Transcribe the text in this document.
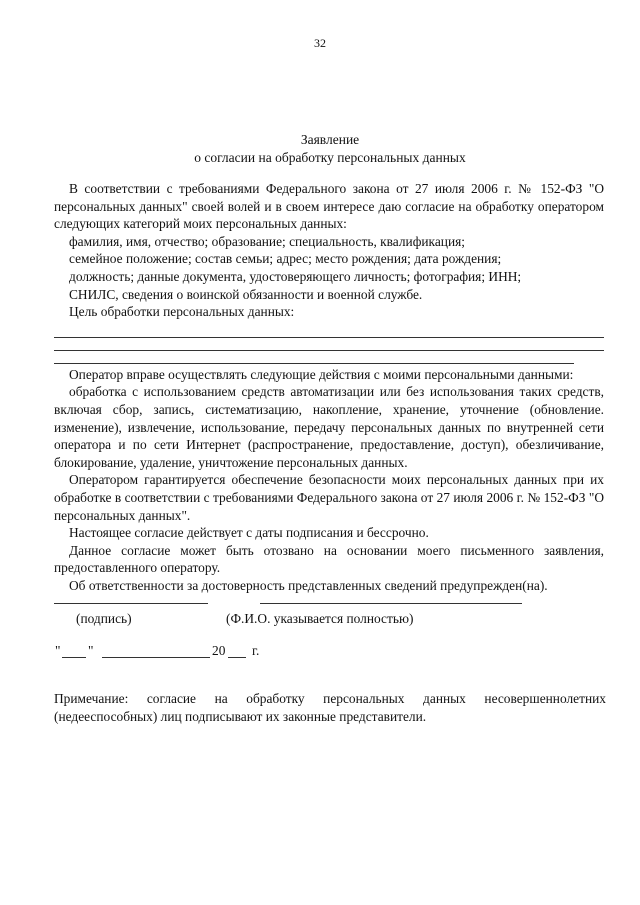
32
Заявление
о согласии на обработку персональных данных

В соответствии с требованиями Федерального закона от 27 июля 2006 г. № 152-ФЗ "О персональных данных" своей волей и в своем интересе даю согласие на обработку оператором следующих категорий моих персональных данных:

фамилия, имя, отчество; образование; специальность, квалификация;

семейное положение; состав семьи; адрес; место рождения; дата рождения;

должность; данные документа, удостоверяющего личность; фотография; ИНН;

СНИЛС, сведения о воинской обязанности и военной службе.

Цель обработки персональных данных:

Оператор вправе осуществлять следующие действия с моими персональными данными:

обработка с использованием средств автоматизации или без использования таких средств, включая сбор, запись, систематизацию, накопление, хранение, уточнение (обновление. изменение), извлечение, использование, передачу персональных данных по внутренней сети оператора и по сети Интернет (распространение, предоставление, доступ), обезличивание, блокирование, удаление, уничтожение персональных данных.

Оператором гарантируется обеспечение безопасности моих персональных данных при их обработке в соответствии с требованиями Федерального закона от 27 июля 2006 г. № 152-ФЗ "О персональных данных".

Настоящее согласие действует с даты подписания и бессрочно.

Данное согласие может быть отозвано на основании моего письменного заявления, предоставленного оператору.

Об ответственности за достоверность представленных сведений предупрежден(на).

(подпись)	(Ф.И.О. указывается полностью)
" "	20 г.
Примечание: согласие на обработку персональных данных несовершеннолетних (недееспособных) лиц подписывают их законные представители.
